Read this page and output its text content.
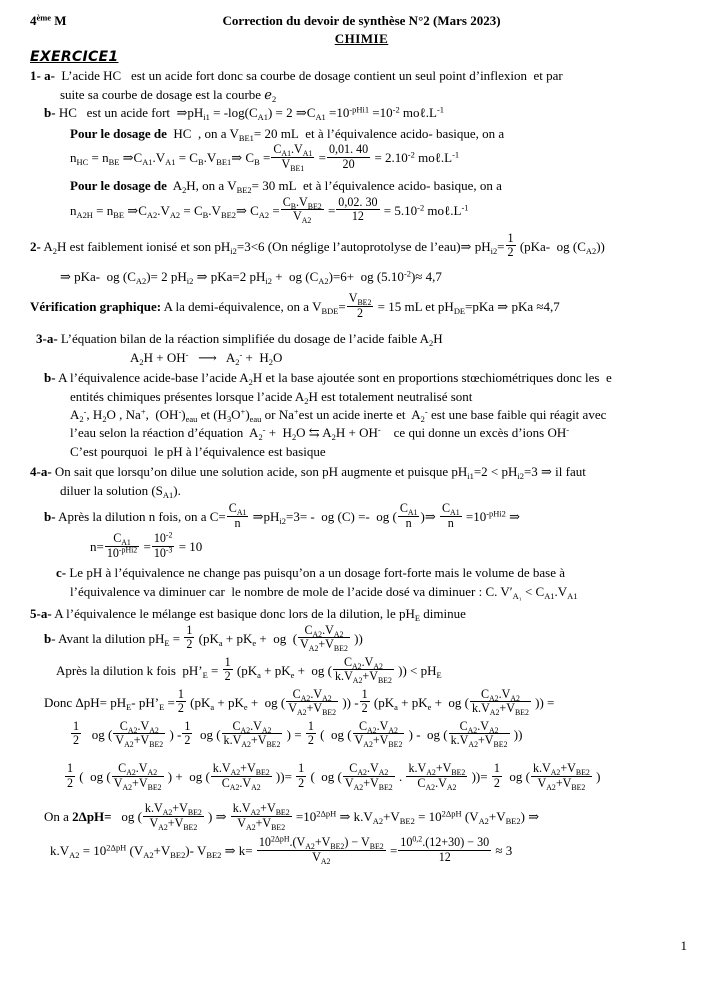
4ème M	Correction du devoir de synthèse N°2 (Mars 2023)
CHIMIE
EXERCICE1
1- a-  L’acide HC   est un acide fort donc sa courbe de dosage contient un seul point d’inflexion  et par
suite sa courbe de dosage est la courbe ℯ$_2$
b- HC   est un acide fort  $\Rightarrow pH_{i1} = -\log(C_{A1}) = 2$ $\Rightarrow C_{A1} =10^{-pHi1} =10^{-2}$ $mo\ell.L^{-1}$
Pour le dosage de  HC  , on a $V_{BE1}= 20$ mL  et à l’équivalence acido- basique, on a
$n_{HC} = n_{BE}$ $\Rightarrow C_{A1}.V_{A1}$ = $C_B.V_{BE1}\Rightarrow$ $C_B$ =
$C_{A1}.V_{A1}$
$V_{BE1}$
= $\frac{0,01. 40}{20} = 2.10^{-2}$ $mo\ell.L^{-1}$
Pour le dosage de  $A_2H$, on a $V_{BE2}= 30$ mL  et à l’équivalence acido- basique, on a
$n_{A2H} = n_{BE}$ $\Rightarrow C_{A2}.V_{A2}$ = $C_B.V_{BE2}\Rightarrow$ $C_{A2}$ =
$C_B.V_{BE2}$
$V_{A2}$
= $\frac{0,02. 30}{12} = 5.10^{-2}$ $mo\ell.L^{-1}$
2- $A_2H$ est faiblement ionisé et son $pH_{i2}=3<6$ (On néglige l’autoprotolyse de l’eau)⇒ $pH_{i2}= \frac{1}{2} (pKa-$  og $(C_{A2})$)
⇒ pKa-  og $(C_{A2})= 2$ $pH_{i2}$ ⇒ pKa=2 $pH_{i2}$ +  og $(C_{A2})=6+$  og $(5.10^{-2})\approx 4,7$
Vérification graphique: A la demi-équivalence, on a $V_{BDE}=$
$V_{BE2}$
2 = 15 mL et $pH_{DE}=pKa$ ⇒ pKa ≈4,7
3-a- L’équation bilan de la réaction simplifiée du dosage de l’acide faible $A_2H$
$A_2H + OH^-$   ⟶   $A_2^- + H_2O$
b- A l’équivalence acide-base l’acide $A_2H$ et la base ajoutée sont en proportions stœchiométriques donc les  e
entités chimiques présentes lorsque l’acide $A_2H$ est totalement neutralisé sont
$A_2^-$, $H_2O$ , Na+,  $(OH^-)_{eau}$ et $(H_3O^+)_{eau}$ or Na+est un acide inerte et  $A_2^-$ est une base faible qui réagit avec
l’eau selon la réaction d’équation  $A_2^- + H_2O$ ⇆ $A_2H + OH^-$    ce qui donne un excès d’ions OH-
C’est pourquoi  le pH à l’équivalence est basique
4-a- On sait que lorsqu’on dilue une solution acide, son pH augmente et puisque $pH_{i1}=2 < pH_{i2}=3$ ⇒ il faut
diluer la solution $(S_{A1})$.
b- Après la dilution n fois, on a $C= \frac{C_{A1}}{n}$ $\Rightarrow pH_{i2}=3=$ -  og (C) =-  og ( $\frac{C_{A1}}{n}$ )⇒ $\frac{C_{A1}}{n} =10^{-pHi2}$ ⇒
n=
$C_{A1}$
$10^{-pHi2} = \frac{10^{-2}}{10^{-3}} = 10$
c- Le pH à l’équivalence ne change pas puisqu’on a un dosage fort-forte mais le volume de base à
l’équivalence va diminuer car  le nombre de mole de l’acide dosé va diminuer : C. $V'_{A_1} < C_{A1}.V_{A1}$
5-a- A l’équivalence le mélange est basique donc lors de la dilution, le $pH_E$ diminue
b- Avant la dilution $pH_E = \frac{1}{2} (pK_a + pK_e$ +  og  (
$C_{A2}.V_{A2}$
$V_{A2}+V_{BE2}$
))
Après la dilution k fois  $pH’_E = \frac{1}{2} (pK_a + pK_e$ +  og (
$C_{A2}.V_{A2}$
$k.V_{A2}+V_{BE2}$
)) < $pH_E$
Donc $\Delta pH= pH_E-$ $pH’_E = \frac{1}{2} (pK_a + pK_e$ +  og (
$C_{A2}.V_{A2}$
$V_{A2}+V_{BE2}$
)) - $\frac{1}{2} (pK_a + pK_e$ +  og (
$C_{A2}.V_{A2}$
$k.V_{A2}+V_{BE2}$
)) =
$\frac{1}{2}$ og (
$C_{A2}.V_{A2}$
$V_{A2}+V_{BE2}$
) - $\frac{1}{2}$ og (
$C_{A2}.V_{A2}$
$k.V_{A2}+V_{BE2}$
) = $\frac{1}{2}$ (  og (
$C_{A2}.V_{A2}$
$V_{A2}+V_{BE2}$
) -  og (
$C_{A2}.V_{A2}$
$k.V_{A2}+V_{BE2}$
))
$\frac{1}{2}$ (  og (
$C_{A2}.V_{A2}$
$V_{A2}+V_{BE2}$
) +  og (
$k.V_{A2}+V_{BE2}$
$C_{A2}.V_{A2}$
))= $\frac{1}{2}$ (  og (
$C_{A2}.V_{A2}$
$V_{A2}+V_{BE2}$
.
$k.V_{A2}+V_{BE2}$
$C_{A2}.V_{A2}$
))= $\frac{1}{2}$ og (
$k.V_{A2}+V_{BE2}$
$V_{A2}+V_{BE2}$
)
On a 2ΔpH=   og (
$k.V_{A2}+V_{BE2}$
$V_{A2}+V_{BE2}$
) ⇒
$k.V_{A2}+V_{BE2}$
$V_{A2}+V_{BE2}$
$=10^{2\Delta pH}$ ⇒ $k.V_{A2}+V_{BE2} = 10^{2\Delta pH}$ $(V_{A2}+V_{BE2})$ ⇒
$k.V_{A2} = 10^{2\Delta pH}$ $(V_{A2}+V_{BE2})-$ $V_{BE2}$ ⇒ k=
$10^{2\Delta pH}.(V_{A2}+V_{BE2}) - V_{BE2}$
$V_{A2}$
= $\frac{10^{0,2}.(12+30) - 30}{12} \approx 3$
1
